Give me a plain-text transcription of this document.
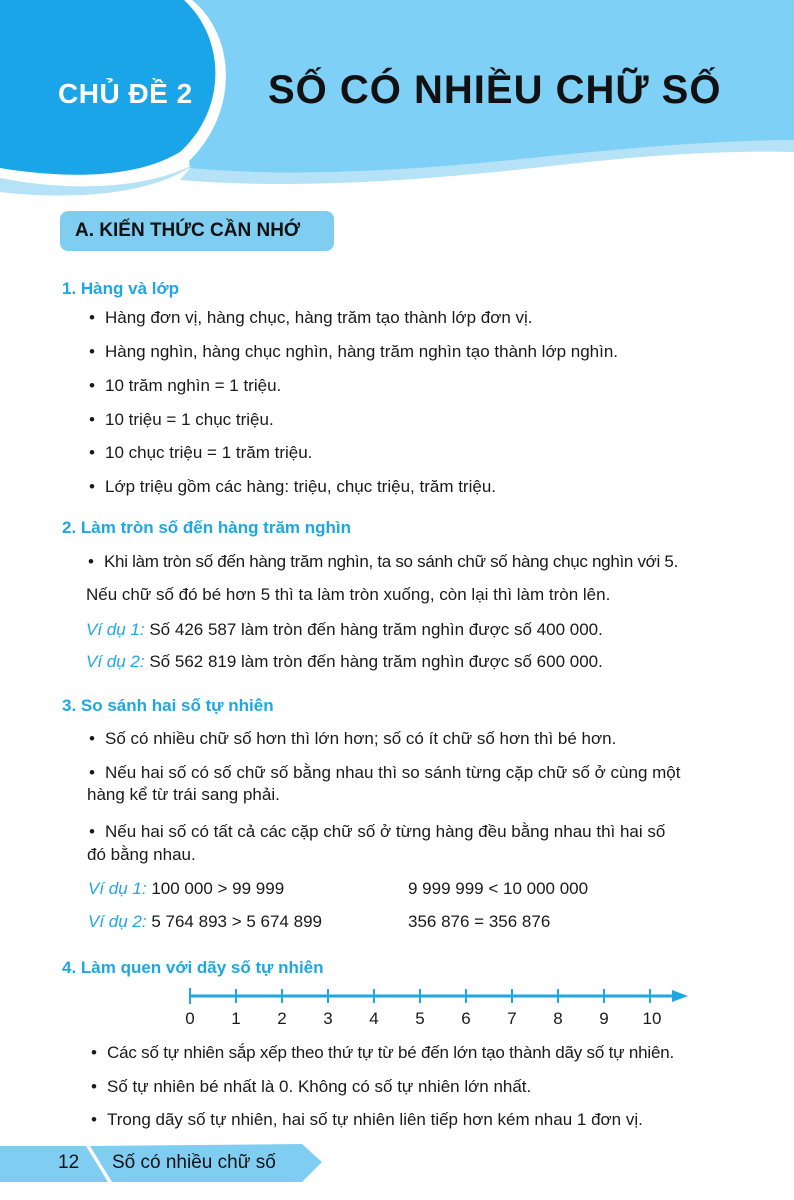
CHỦ ĐỀ 2 SỐ CÓ NHIỀU CHỮ SỐ
A. KIẾN THỨC CẦN NHỚ
1. Hàng và lớp
• Hàng đơn vị, hàng chục, hàng trăm tạo thành lớp đơn vị.
• Hàng nghìn, hàng chục nghìn, hàng trăm nghìn tạo thành lớp nghìn.
• 10 trăm nghìn = 1 triệu.
• 10 triệu = 1 chục triệu.
• 10 chục triệu = 1 trăm triệu.
• Lớp triệu gồm các hàng: triệu, chục triệu, trăm triệu.
2. Làm tròn số đến hàng trăm nghìn
• Khi làm tròn số đến hàng trăm nghìn, ta so sánh chữ số hàng chục nghìn với 5.
Nếu chữ số đó bé hơn 5 thì ta làm tròn xuống, còn lại thì làm tròn lên.
Ví dụ 1: Số 426 587 làm tròn đến hàng trăm nghìn được số 400 000.
Ví dụ 2: Số 562 819 làm tròn đến hàng trăm nghìn được số 600 000.
3. So sánh hai số tự nhiên
• Số có nhiều chữ số hơn thì lớn hơn; số có ít chữ số hơn thì bé hơn.
• Nếu hai số có số chữ số bằng nhau thì so sánh từng cặp chữ số ở cùng một
hàng kể từ trái sang phải.
• Nếu hai số có tất cả các cặp chữ số ở từng hàng đều bằng nhau thì hai số
đó bằng nhau.
Ví dụ 1: 100 000 > 99 999	9 999 999 < 10 000 000
Ví dụ 2: 5 764 893 > 5 674 899	356 876 = 356 876
4. Làm quen với dãy số tự nhiên
0 1 2 3 4 5 6 7 8 9 10
• Các số tự nhiên sắp xếp theo thứ tự từ bé đến lớn tạo thành dãy số tự nhiên.
• Số tự nhiên bé nhất là 0. Không có số tự nhiên lớn nhất.
• Trong dãy số tự nhiên, hai số tự nhiên liên tiếp hơn kém nhau 1 đơn vị.
12 Số có nhiều chữ số
